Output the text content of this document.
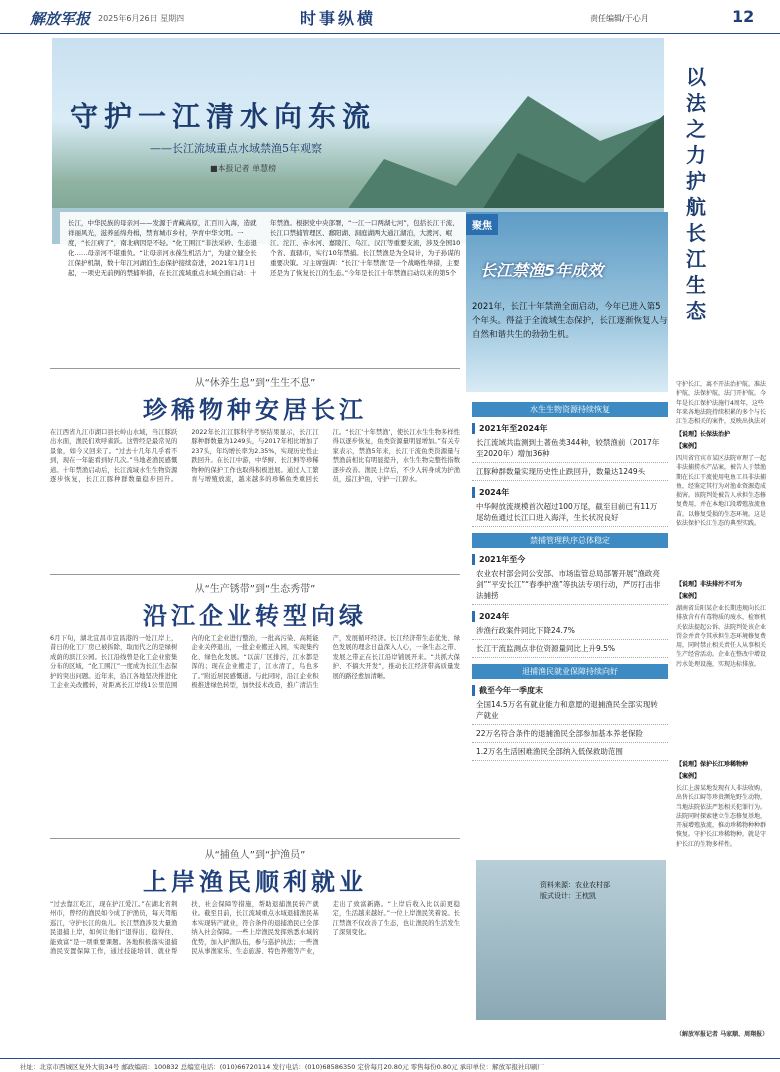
解放军报 2025年6月26日 星期四	时事纵横	责任编辑/于心月	12
守护一江清水向东流
——长江流域重点水域禁渔5年观察
■本报记者 单慧榜
长江，中华民族的母亲河——发源于青藏高原，汇百川入海，造就祥丽风光，滋养延绵舟楫，禁育城市乡村，孕育中华文明。一度，“长江病了”，南北病因是不轻。“化工围江”非法采砂、生态退化……母亲河不堪重负。“让母亲河永葆生机活力”，为建立健全长江保护机制，数十年江河湖泊生态保护接续奋进，2021年1月1日起，一项史无前例的禁捕举措，在长江流域重点水域全面启动：十年禁渔。根据党中央部署，“一江一口两湖七河”，包括长江干流、长江口禁捕管理区、鄱阳湖、洞庭湖两大通江湖泊，大渡河、岷江、沱江、赤水河、嘉陵江、乌江、汉江等重要支流，涉及全国10个省、直辖市，实行10年禁捕。长江禁渔是为全局计，为子孙谋的重要决策。习主席强调：“长江‘十年禁渔’是一个战略性举措，主要还是为了恢复长江的生态。”今年是长江十年禁渔启动以来的第5个
聚焦
长江禁渔5年成效
2021年，长江十年禁渔全面启动，今年已进入第5个年头。得益于全流域生态保护，长江逐渐恢复人与自然和谐共生的勃勃生机。
以法之力护航长江生态
守护长江，离不开法治护航。准法护航，法保护航，法门开护航。今年是长江保护法施行4周年，这些年来各地法院持续积累的多个与长江生态相关的案件，反映出执法对
【说理】长保法治护
【案例】
四川省宜宾市某区法院审理了一起非法捕捞水产品案，被告人于禁渔期在长江干流使用电鱼工具非法捕鱼，经鉴定其行为对渔业资源造成损害。该院判处被告人承担生态修复费用，并在本地江段增殖放流鱼苗，以修复受损的生态环境。这是依法保护长江生态的典型实践。
【说理】非法排污不可为
【案例】
湖南省岳阳某企业长期违规向长江排放含有有毒物质的废水，检察机关依法提起公诉。法院判处该企业罚金并责令其承担生态环境修复费用，同时禁止相关责任人从事相关生产经营活动。企业在整改中增设污水处理设施，实现达标排放。
【说理】保护长江珍稀物种
【案例】
长江上游某地发现有人非法收购、出售长江鲟等珍贵濒危野生动物，当地法院依法严惩相关犯罪行为。法院同时探索建立生态修复基地，开展增殖放流，推动珍稀物种种群恢复。守护长江珍稀物种，就是守护长江的生物多样性。
（解放军报记者 马家顺、周翔报）
从“休养生息”到“生生不息”
珍稀物种安居长江
在江西省九江市湖口县长岭山水域，当江豚跃出水面，渔民们欢呼雀跃。这曾经是最常见的景象，如今又回来了。“过去十几年几乎看不到，现在一年能看到好几次。”当地老渔民感慨道。十年禁渔启动后，长江流域水生生物资源逐步恢复，长江江豚种群数量稳步回升。2022年长江江豚科学考察结果显示，长江江豚种群数量为1249头，与2017年相比增加了237头，年均增长率为2.35%，实现历史性止跌回升。在长江中游，中华鲟、长江鲟等珍稀物种的保护工作也取得积极进展。通过人工繁育与增殖放流，越来越多的珍稀鱼类重回长江。“长江‘十年禁渔’，使长江水生生物多样性得以逐步恢复，鱼类资源量明显增加。”有关专家表示，禁渔5年来，长江干流鱼类资源量与禁渔前相比有明显提升，水生生物完整性指数逐步改善。渔民上岸后，不少人转身成为护渔员，巡江护鱼，守护一江碧水。
从“生产锈带”到“生态秀带”
沿江企业转型向绿
6月下旬，湖北宜昌市宜昌港的一处江岸上，昔日的化工厂房已被拆除，取而代之的是绿树成荫的滨江公园。长江沿线曾是化工企业密集分布的区域，“化工围江”一度成为长江生态保护的突出问题。近年来，沿江各地坚决推进化工企业关改搬转，对距离长江岸线1公里范围内的化工企业进行整治，一批高污染、高耗能企业关停退出，一批企业搬迁入园，实现集约化、绿色化发展。“以前厂区排污，江水都是浑的；现在企业搬走了，江水清了，鸟也多了。”附近居民感慨道。与此同时，沿江企业积极推进绿色转型，加快技术改造，推广清洁生产，发展循环经济。长江经济带生态优先、绿色发展的理念日益深入人心，一条生态之带、发展之带正在长江沿岸铺展开来。“共抓大保护、不搞大开发”，推动长江经济带高质量发展的路径愈加清晰。
从“捕鱼人”到“护渔员”
上岸渔民顺利就业
“过去靠江吃江，现在护江爱江。”在湖北省荆州市，曾经的渔民如今成了护渔员，每天驾船巡江，守护长江的鱼儿。长江禁渔涉及大量渔民退捕上岸，如何让他们“退得出、稳得住、能致富”是一项重要课题。各地积极落实退捕渔民安置保障工作，通过技能培训、就业帮扶、社会保障等措施，帮助退捕渔民转产就业。截至目前，长江流域重点水域退捕渔民基本实现转产就业，符合条件的退捕渔民已全部纳入社会保障。一些上岸渔民发挥熟悉水域的优势，加入护渔队伍，参与巡护执法；一些渔民从事渔家乐、生态旅游、特色养殖等产业，走出了致富新路。“上岸后收入比以前更稳定，生活越来越好。”一位上岸渔民笑着说。长江禁渔不仅改善了生态，也让渔民的生活发生了深刻变化。
水生生物资源持续恢复
2021年至2024年
长江流域共监测到土著鱼类344种，较禁渔前（2017年至2020年）增加36种
江豚种群数量实现历史性止跌回升，数量达1249头
2024年
中华鲟放流规模首次超过100万尾，截至目前已有11万尾幼鱼通过长江口进入海洋，生长状况良好
禁捕管理秩序总体稳定
2021年至今
农业农村部会同公安部、市场监管总局部署开展“渔政亮剑”“平安长江”“春季护渔”等执法专项行动，严厉打击非法捕捞
2024年
涉渔行政案件同比下降24.7%
长江干流监测点非位资源量同比上升9.5%
退捕渔民就业保障持续向好
截至今年一季度末
全国14.5万名有就业能力和意愿的退捕渔民全部实现转产就业
22万名符合条件的退捕渔民全部参加基本养老保险
1.2万名生活困难渔民全部纳入低保救助范围
资料来源：农业农村部
版式设计：王枕凯
社址：北京市西城区复外大街34号 邮政编码：100832 总编室电话：(010)66720114 发行电话：(010)68586350 定价每月20.80元 零售每份0.80元 承印单位：解放军报社印刷厂
